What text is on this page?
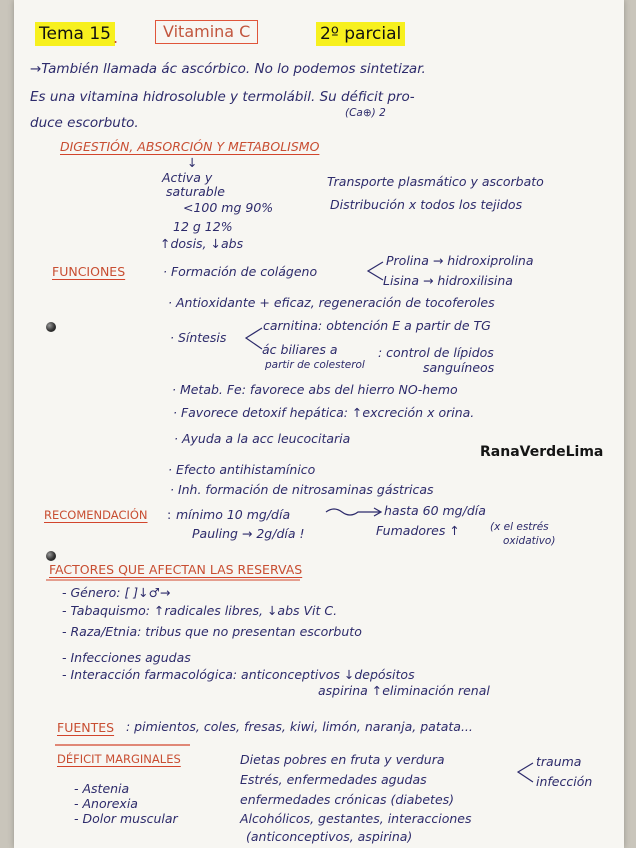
Tema 15 .	Vitamina C	2º parcial
→También llamada ác ascórbico. No lo podemos sintetizar.
Es una vitamina hidrosoluble y termolábil. Su déficit pro-
(Ca⊕) 2
duce escorbuto.
DIGESTIÓN, ABSORCIÓN Y METABOLISMO
↓
Activa y
saturable
<100 mg 90%
12 g 12%
↑dosis, ↓abs
Transporte plasmático y ascorbato
Distribución x todos los tejidos
FUNCIONES	· Formación de colágeno
Prolina → hidroxiprolina
Lisina → hidroxilisina
· Antioxidante + eficaz, regeneración de tocoferoles
· Síntesis
carnitina: obtención E a partir de TG
ác biliares a
partir de colesterol
: control de lípidos
sanguíneos
· Metab. Fe: favorece abs del hierro NO-hemo
· Favorece detoxif hepática: ↑excreción x orina.
· Ayuda a la acc leucocitaria
· Efecto antihistamínico
· Inh. formación de nitrosaminas gástricas
RanaVerdeLima
RECOMENDACIÓN : mínimo 10 mg/día	hasta 60 mg/día
Pauling → 2g/día !	Fumadores ↑	(x el estrés
oxidativo)
FACTORES QUE AFECTAN LAS RESERVAS
- Género: [ ]↓♂→
- Tabaquismo: ↑radicales libres, ↓abs Vit C.
- Raza/Etnia: tribus que no presentan escorbuto
- Infecciones agudas
- Interacción farmacológica: anticonceptivos ↓depósitos
aspirina ↑eliminación renal
FUENTES : pimientos, coles, fresas, kiwi, limón, naranja, patata...
DÉFICIT MARGINALES
- Astenia
- Anorexia
- Dolor muscular
Dietas pobres en fruta y verdura
Estrés, enfermedades agudas
enfermedades crónicas (diabetes)
Alcohólicos, gestantes, interacciones
(anticonceptivos, aspirina)
trauma
infección
